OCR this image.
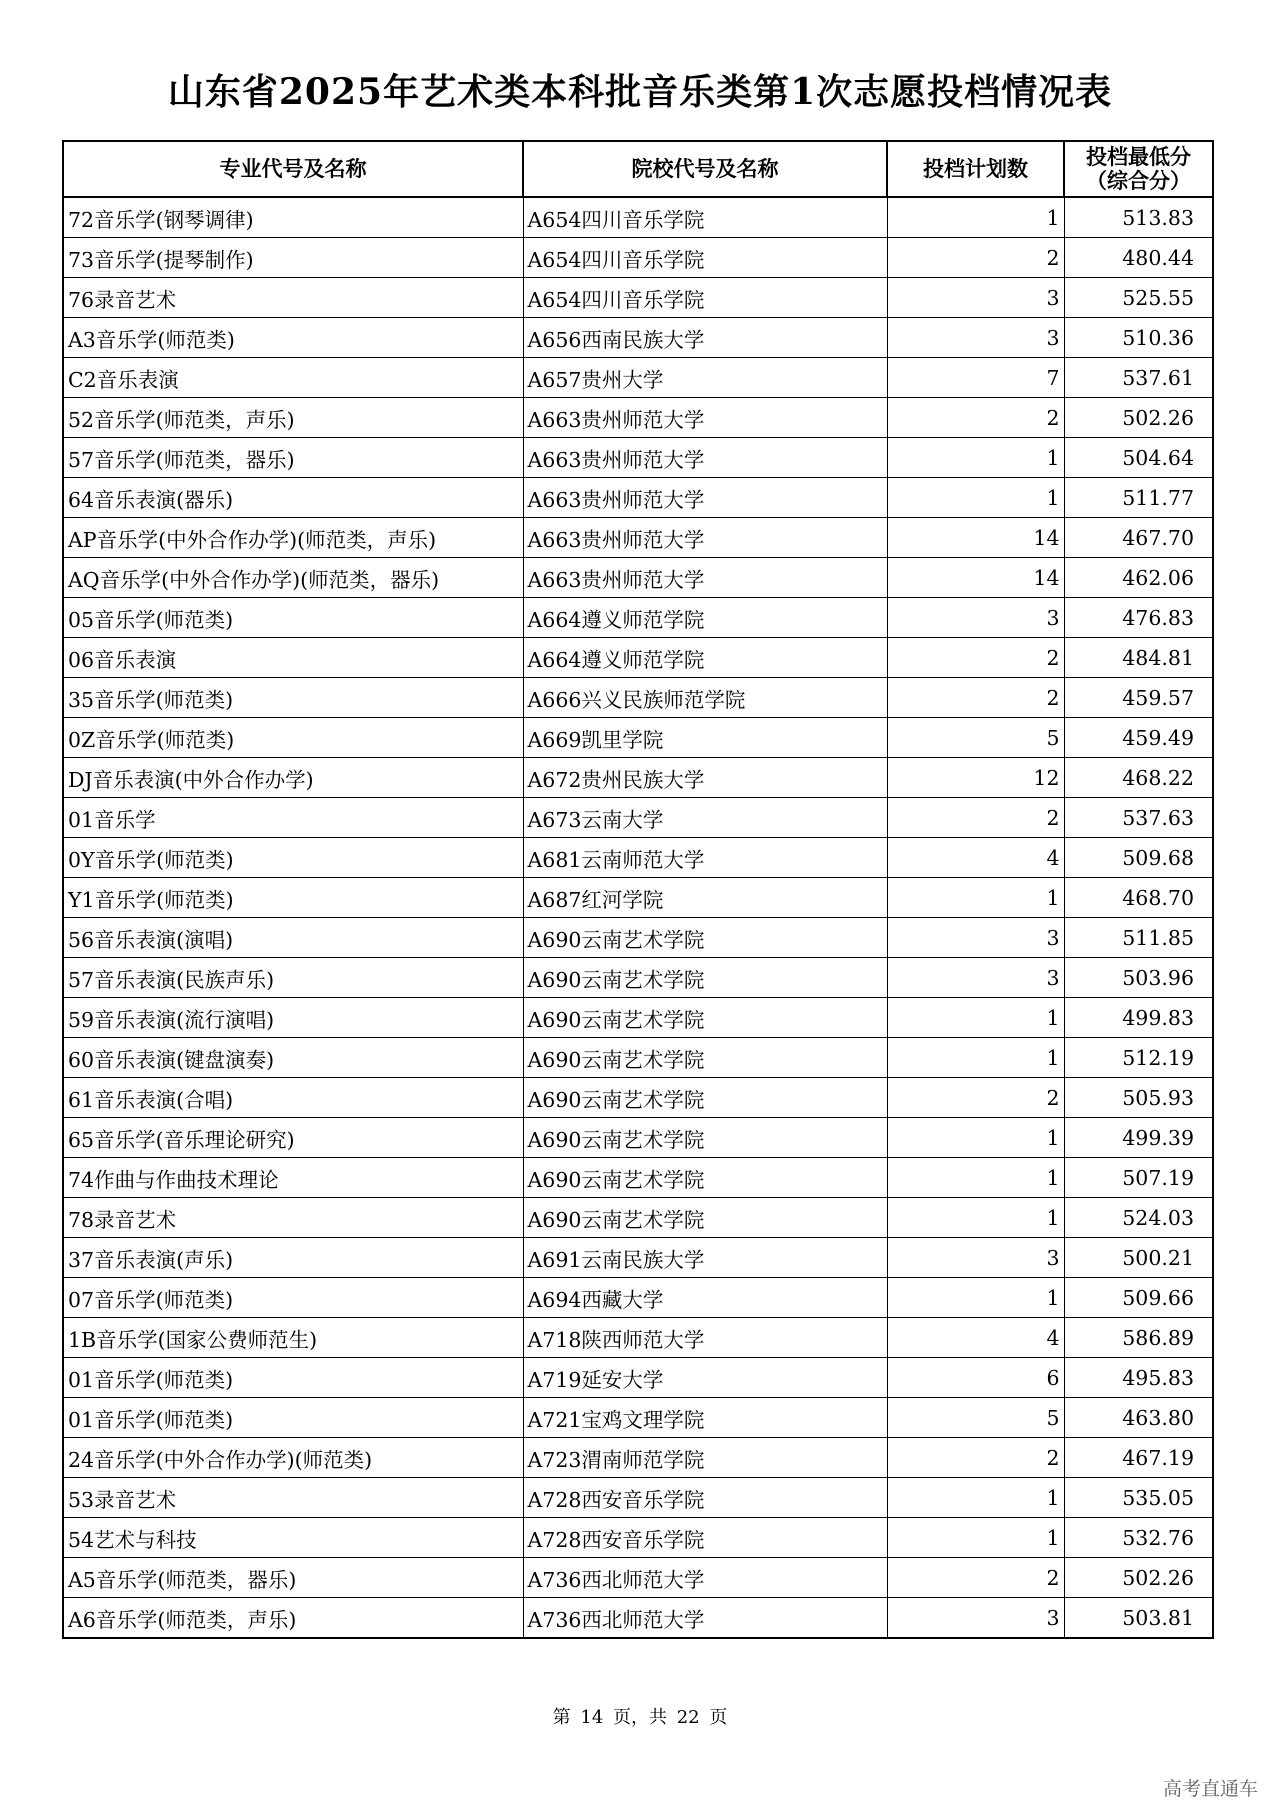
山东省2025年艺术类本科批音乐类第1次志愿投档情况表
专业代号及名称	院校代号及名称	投档计划数	投档最低分
（综合分）

72音乐学(钢琴调律)	A654四川音乐学院	1	513.83
73音乐学(提琴制作)	A654四川音乐学院	2	480.44
76录音艺术	A654四川音乐学院	3	525.55
A3音乐学(师范类)	A656西南民族大学	3	510.36
C2音乐表演	A657贵州大学	7	537.61
52音乐学(师范类，声乐)	A663贵州师范大学	2	502.26
57音乐学(师范类，器乐)	A663贵州师范大学	1	504.64
64音乐表演(器乐)	A663贵州师范大学	1	511.77
AP音乐学(中外合作办学)(师范类，声乐)	A663贵州师范大学	14	467.70
AQ音乐学(中外合作办学)(师范类，器乐)	A663贵州师范大学	14	462.06
05音乐学(师范类)	A664遵义师范学院	3	476.83
06音乐表演	A664遵义师范学院	2	484.81
35音乐学(师范类)	A666兴义民族师范学院	2	459.57
0Z音乐学(师范类)	A669凯里学院	5	459.49
DJ音乐表演(中外合作办学)	A672贵州民族大学	12	468.22
01音乐学	A673云南大学	2	537.63
0Y音乐学(师范类)	A681云南师范大学	4	509.68
Y1音乐学(师范类)	A687红河学院	1	468.70
56音乐表演(演唱)	A690云南艺术学院	3	511.85
57音乐表演(民族声乐)	A690云南艺术学院	3	503.96
59音乐表演(流行演唱)	A690云南艺术学院	1	499.83
60音乐表演(键盘演奏)	A690云南艺术学院	1	512.19
61音乐表演(合唱)	A690云南艺术学院	2	505.93
65音乐学(音乐理论研究)	A690云南艺术学院	1	499.39
74作曲与作曲技术理论	A690云南艺术学院	1	507.19
78录音艺术	A690云南艺术学院	1	524.03
37音乐表演(声乐)	A691云南民族大学	3	500.21
07音乐学(师范类)	A694西藏大学	1	509.66
1B音乐学(国家公费师范生)	A718陕西师范大学	4	586.89
01音乐学(师范类)	A719延安大学	6	495.83
01音乐学(师范类)	A721宝鸡文理学院	5	463.80
24音乐学(中外合作办学)(师范类)	A723渭南师范学院	2	467.19
53录音艺术	A728西安音乐学院	1	535.05
54艺术与科技	A728西安音乐学院	1	532.76
A5音乐学(师范类，器乐)	A736西北师范大学	2	502.26
A6音乐学(师范类，声乐)	A736西北师范大学	3	503.81
第 14 页，共 22 页
高考直通车
